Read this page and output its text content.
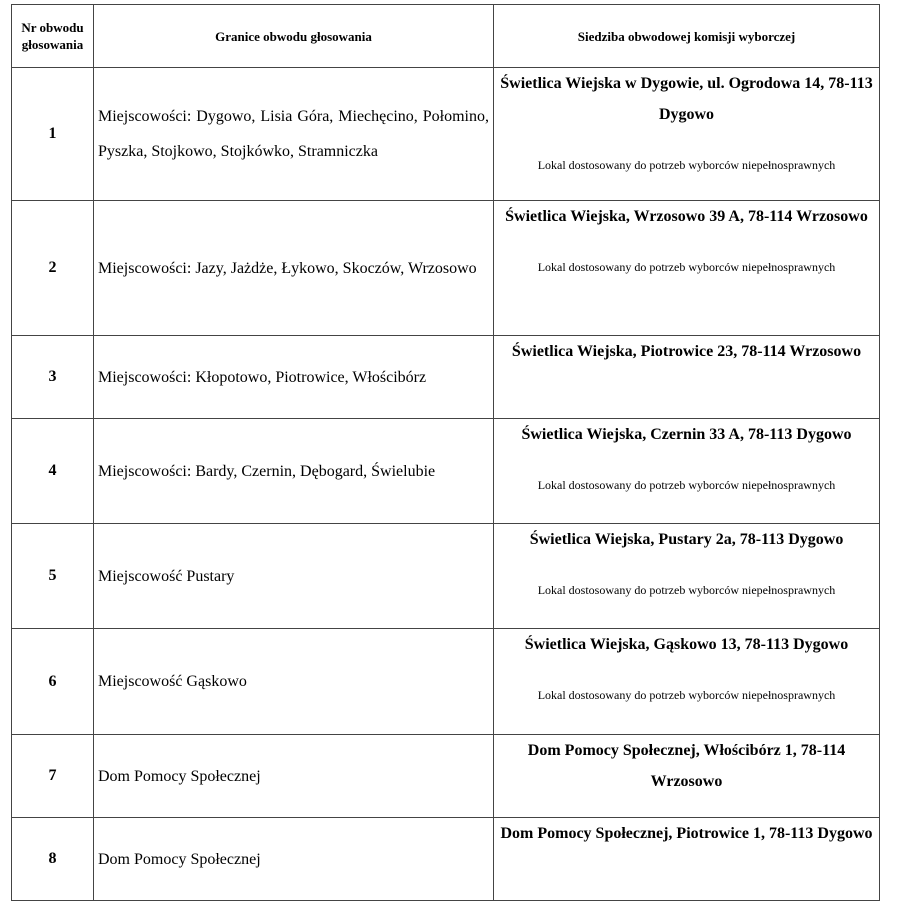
Nr obwodu głosowania	Granice obwodu głosowania	Siedziba obwodowej komisji wyborczej
1	Miejscowości: Dygowo, Lisia Góra, Miechęcino, Połomino, Pyszka, Stojkowo, Stojkówko, Stramniczka	Świetlica Wiejska w Dygowie, ul. Ogrodowa 14, 78-113 Dygowo
Lokal dostosowany do potrzeb wyborców niepełnosprawnych

2	Miejscowości: Jazy, Jażdże, Łykowo, Skoczów, Wrzosowo	Świetlica Wiejska, Wrzosowo 39 A, 78-114 Wrzosowo
Lokal dostosowany do potrzeb wyborców niepełnosprawnych

3	Miejscowości: Kłopotowo, Piotrowice, Włościbórz	Świetlica Wiejska, Piotrowice 23, 78-114 Wrzosowo

4	Miejscowości: Bardy, Czernin, Dębogard, Świelubie	Świetlica Wiejska, Czernin 33 A, 78-113 Dygowo
Lokal dostosowany do potrzeb wyborców niepełnosprawnych

5	Miejscowość Pustary	Świetlica Wiejska, Pustary 2a, 78-113 Dygowo
Lokal dostosowany do potrzeb wyborców niepełnosprawnych

6	Miejscowość Gąskowo	Świetlica Wiejska, Gąskowo 13, 78-113 Dygowo
Lokal dostosowany do potrzeb wyborców niepełnosprawnych

7	Dom Pomocy Społecznej	Dom Pomocy Społecznej, Włościbórz 1, 78-114 Wrzosowo

8	Dom Pomocy Społecznej	Dom Pomocy Społecznej, Piotrowice 1, 78-113 Dygowo
